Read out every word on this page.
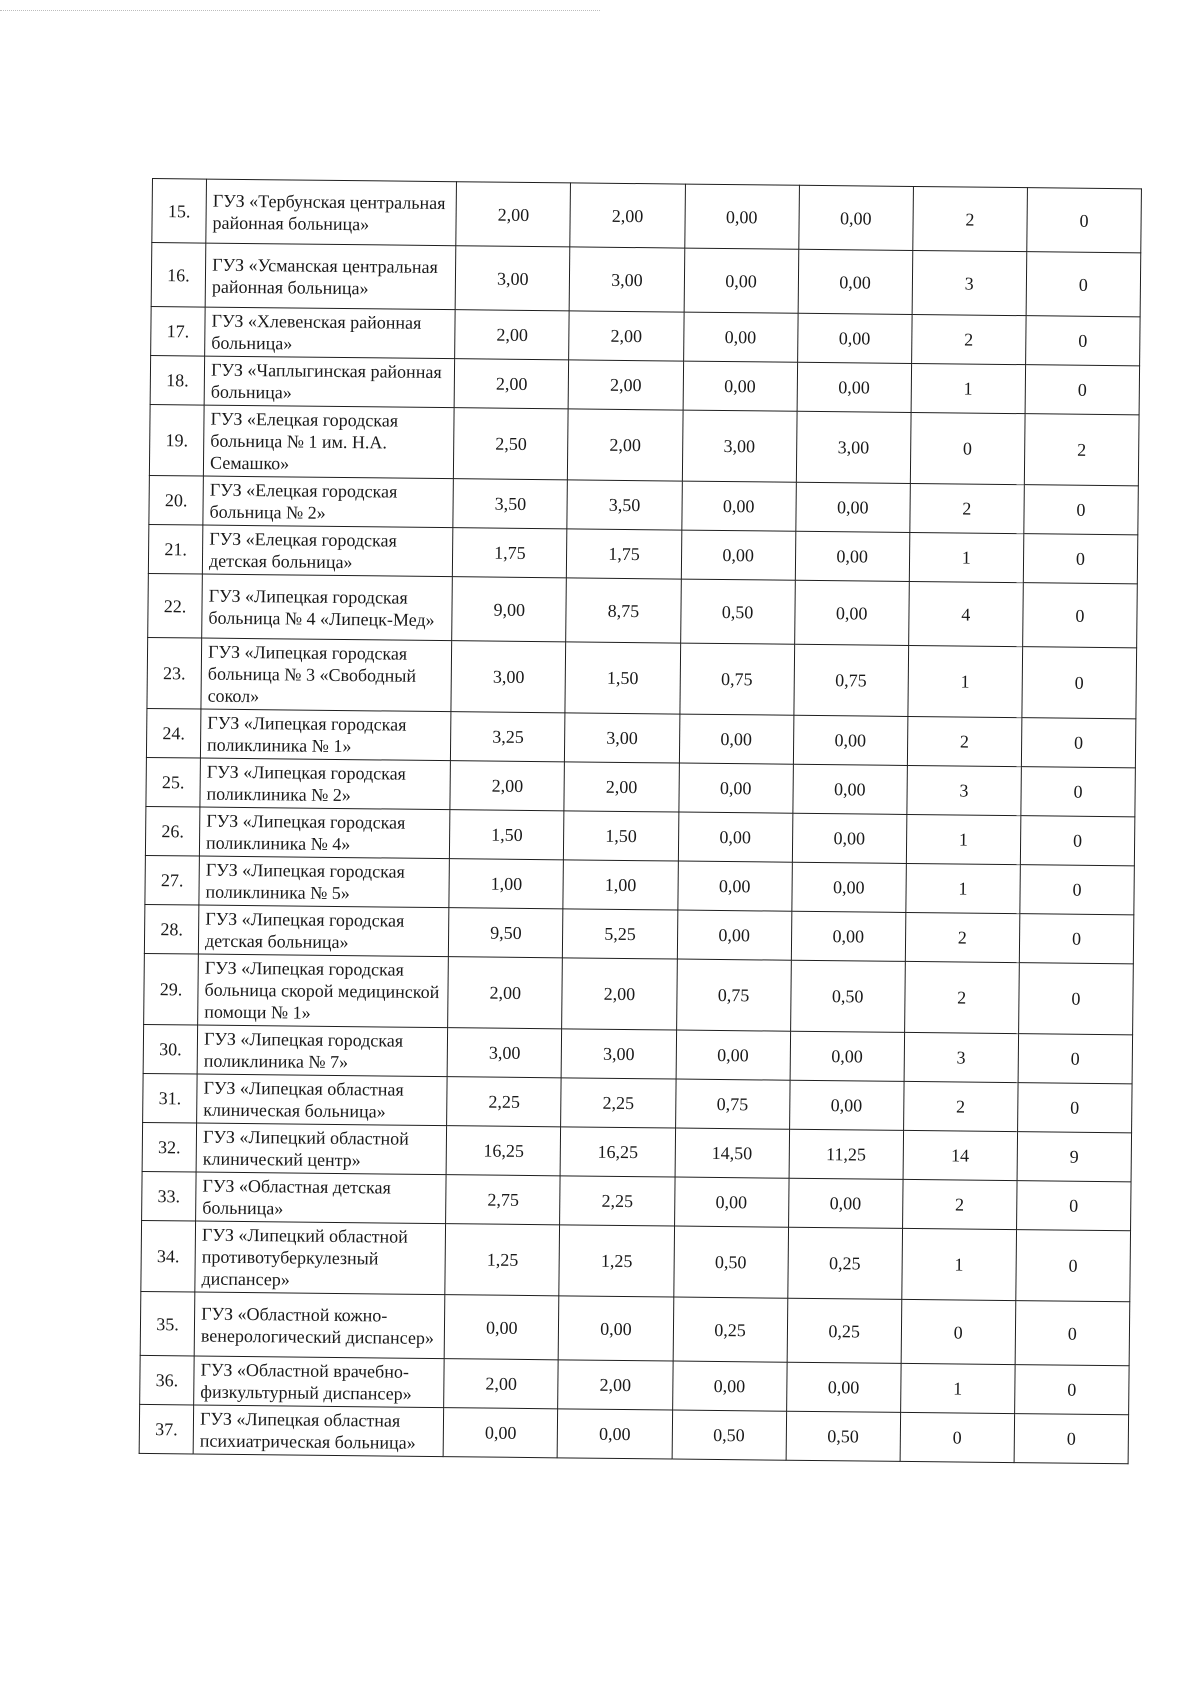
15.	ГУЗ «Тербунская центральная районная больница»	2,00	2,00	0,00	0,00	2	0
16.	ГУЗ «Усманская центральная районная больница»	3,00	3,00	0,00	0,00	3	0
17.	ГУЗ «Хлевенская районная больница»	2,00	2,00	0,00	0,00	2	0
18.	ГУЗ «Чаплыгинская районная больница»	2,00	2,00	0,00	0,00	1	0
19.	ГУЗ «Елецкая городская больница № 1 им. Н.А. Семашко»	2,50	2,00	3,00	3,00	0	2
20.	ГУЗ «Елецкая городская больница № 2»	3,50	3,50	0,00	0,00	2	0
21.	ГУЗ «Елецкая городская детская больница»	1,75	1,75	0,00	0,00	1	0
22.	ГУЗ «Липецкая городская больница № 4 «Липецк-Мед»	9,00	8,75	0,50	0,00	4	0
23.	ГУЗ «Липецкая городская больница № 3 «Свободный сокол»	3,00	1,50	0,75	0,75	1	0
24.	ГУЗ «Липецкая городская поликлиника № 1»	3,25	3,00	0,00	0,00	2	0
25.	ГУЗ «Липецкая городская поликлиника № 2»	2,00	2,00	0,00	0,00	3	0
26.	ГУЗ «Липецкая городская поликлиника № 4»	1,50	1,50	0,00	0,00	1	0
27.	ГУЗ «Липецкая городская поликлиника № 5»	1,00	1,00	0,00	0,00	1	0
28.	ГУЗ «Липецкая городская детская больница»	9,50	5,25	0,00	0,00	2	0
29.	ГУЗ «Липецкая городская больница скорой медицинской помощи № 1»	2,00	2,00	0,75	0,50	2	0
30.	ГУЗ «Липецкая городская поликлиника № 7»	3,00	3,00	0,00	0,00	3	0
31.	ГУЗ «Липецкая областная клиническая больница»	2,25	2,25	0,75	0,00	2	0
32.	ГУЗ «Липецкий областной клинический центр»	16,25	16,25	14,50	11,25	14	9
33.	ГУЗ «Областная детская больница»	2,75	2,25	0,00	0,00	2	0
34.	ГУЗ «Липецкий областной противотуберкулезный диспансер»	1,25	1,25	0,50	0,25	1	0
35.	ГУЗ «Областной кожно-венерологический диспансер»	0,00	0,00	0,25	0,25	0	0
36.	ГУЗ «Областной врачебно-физкультурный диспансер»	2,00	2,00	0,00	0,00	1	0
37.	ГУЗ «Липецкая областная психиатрическая больница»	0,00	0,00	0,50	0,50	0	0
